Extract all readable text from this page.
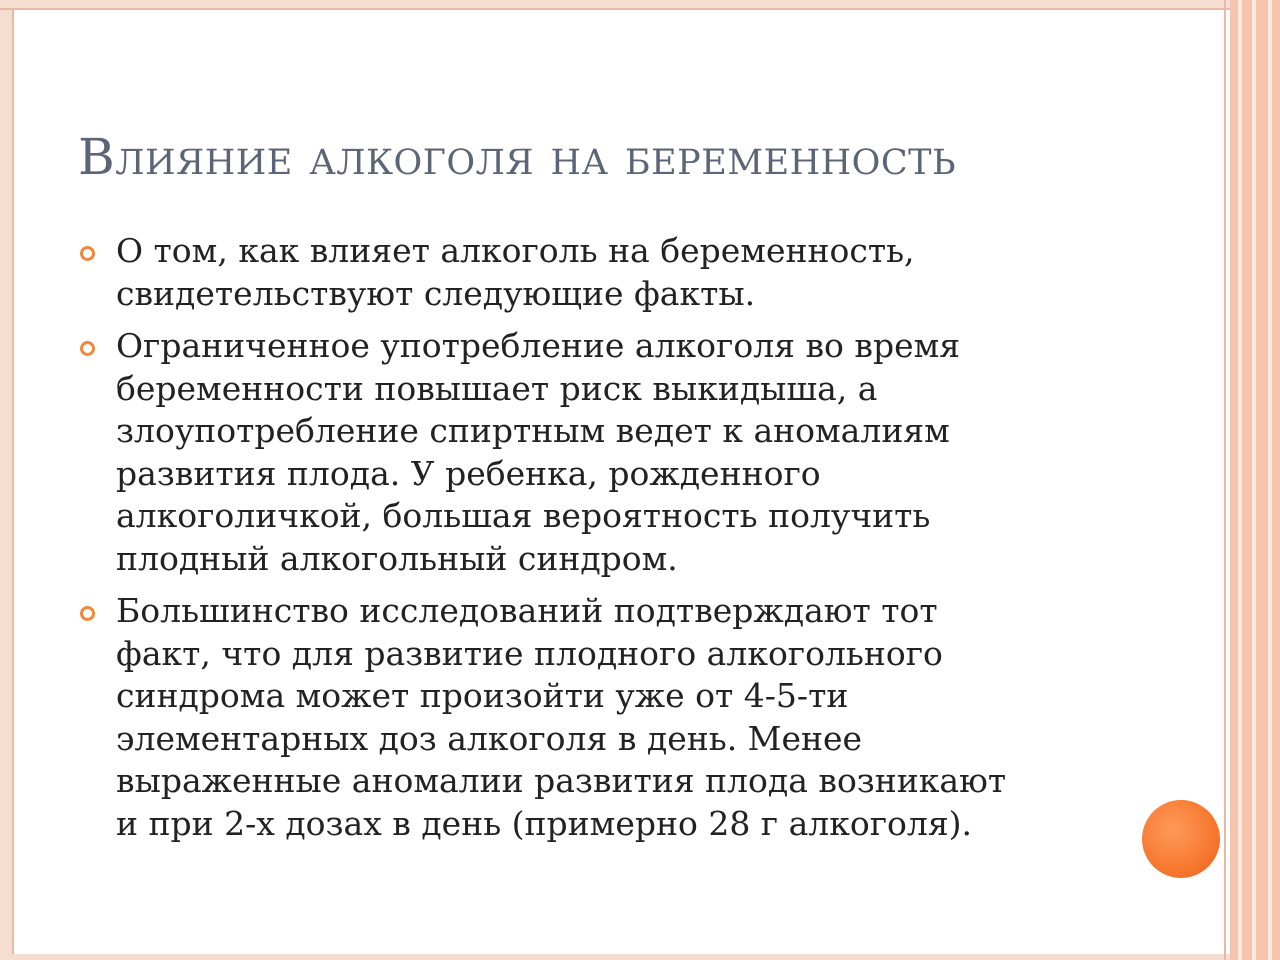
Влияние алкоголя на беременность
О том, как влияет алкоголь на беременность,
свидетельствуют следующие факты.
Ограниченное употребление алкоголя во время
беременности повышает риск выкидыша, а
злоупотребление спиртным ведет к аномалиям
развития плода. У ребенка, рожденного
алкоголичкой, большая вероятность получить
плодный алкогольный синдром.
Большинство исследований подтверждают тот
факт, что для развитие плодного алкогольного
синдрома может произойти уже от 4-5-ти
элементарных доз алкоголя в день. Менее
выраженные аномалии развития плода возникают
и при 2-х дозах в день (примерно 28 г алкоголя).
